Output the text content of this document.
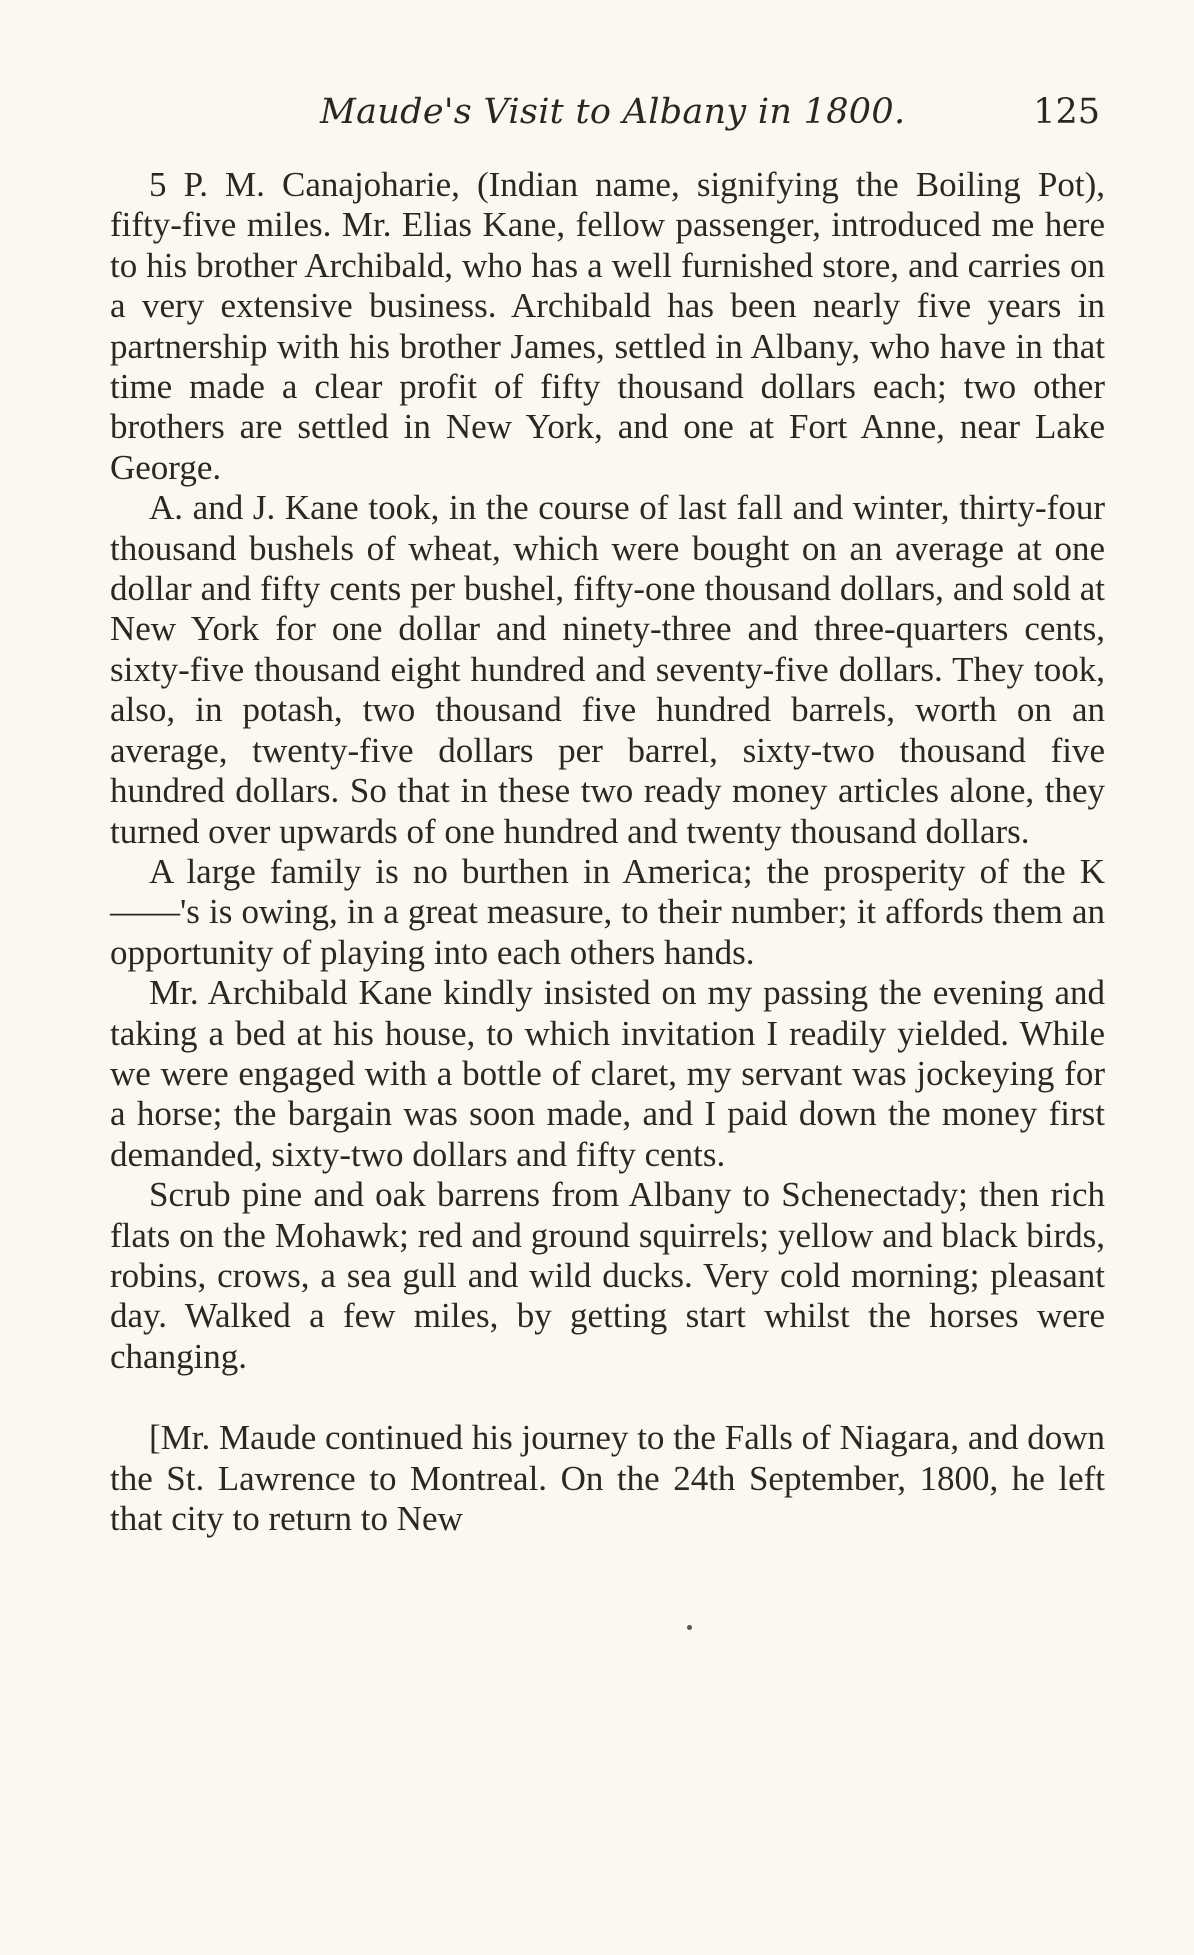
Maude's Visit to Albany in 1800.	125

5 P. M. Canajoharie, (Indian name, signifying the Boiling Pot), fifty-five miles. Mr. Elias Kane, fellow passenger, introduced me here to his brother Archibald, who has a well furnished store, and carries on a very extensive business. Archibald has been nearly five years in partnership with his brother James, settled in Albany, who have in that time made a clear profit of fifty thousand dollars each; two other brothers are settled in New York, and one at Fort Anne, near Lake George.

A. and J. Kane took, in the course of last fall and winter, thirty-four thousand bushels of wheat, which were bought on an average at one dollar and fifty cents per bushel, fifty-one thousand dollars, and sold at New York for one dollar and ninety-three and three-quarters cents, sixty-five thousand eight hundred and seventy-five dollars. They took, also, in potash, two thousand five hundred barrels, worth on an average, twenty-five dollars per barrel, sixty-two thousand five hundred dollars. So that in these two ready money articles alone, they turned over upwards of one hundred and twenty thousand dollars.

A large family is no burthen in America; the prosperity of the K——'s is owing, in a great measure, to their number; it affords them an opportunity of playing into each others hands.

Mr. Archibald Kane kindly insisted on my passing the evening and taking a bed at his house, to which invitation I readily yielded. While we were engaged with a bottle of claret, my servant was jockeying for a horse; the bargain was soon made, and I paid down the money first demanded, sixty-two dollars and fifty cents.

Scrub pine and oak barrens from Albany to Schenectady; then rich flats on the Mohawk; red and ground squirrels; yellow and black birds, robins, crows, a sea gull and wild ducks. Very cold morning; pleasant day. Walked a few miles, by getting start whilst the horses were changing.

[Mr. Maude continued his journey to the Falls of Niagara, and down the St. Lawrence to Montreal. On the 24th September, 1800, he left that city to return to New
